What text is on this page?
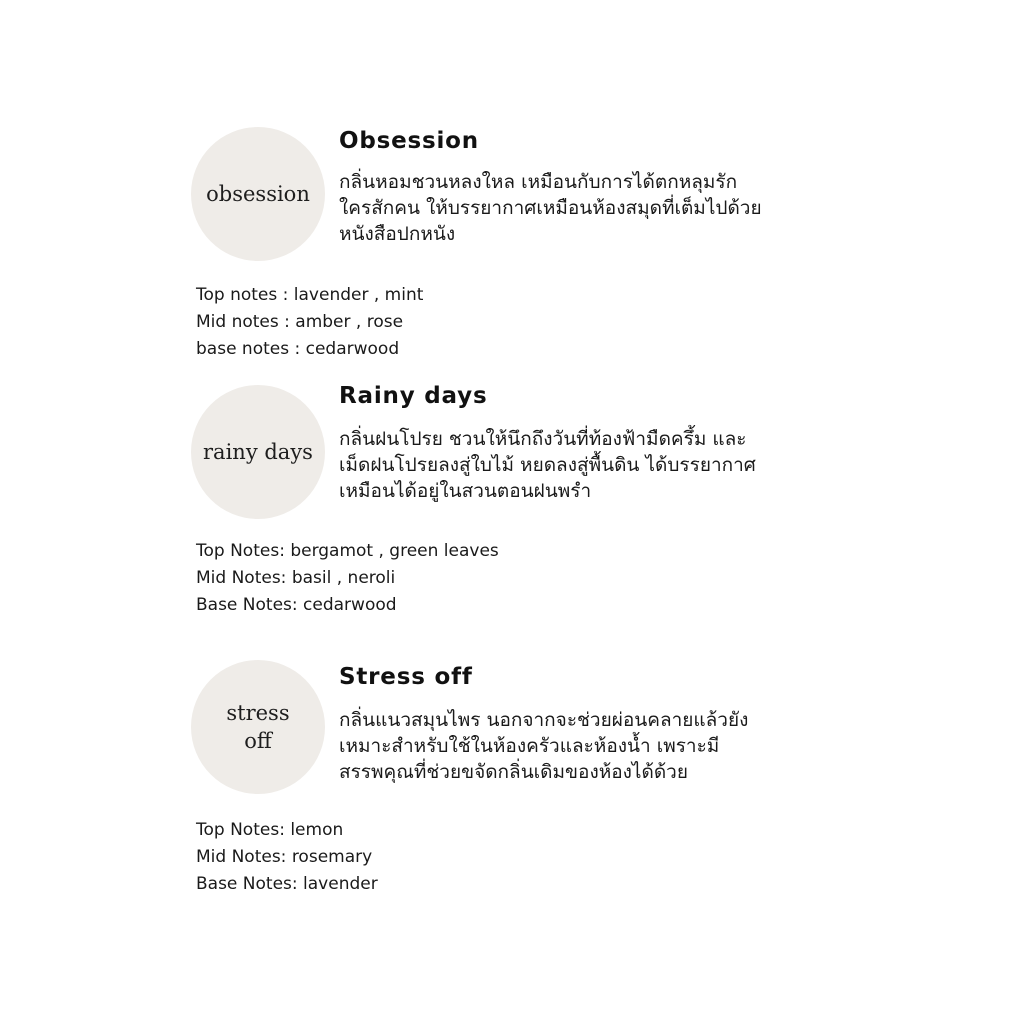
obsession
Obsession
กลิ่นหอมชวนหลงใหล เหมือนกับการได้ตกหลุมรัก
ใครสักคน ให้บรรยากาศเหมือนห้องสมุดที่เต็มไปด้วย
หนังสือปกหนัง
Top notes : lavender , mint
Mid notes : amber , rose
base notes : cedarwood
rainy days
Rainy days
กลิ่นฝนโปรย ชวนให้นึกถึงวันที่ท้องฟ้ามืดครึ้ม และ
เม็ดฝนโปรยลงสู่ใบไม้ หยดลงสู่พื้นดิน ได้บรรยากาศ
เหมือนได้อยู่ในสวนตอนฝนพรำ
Top Notes: bergamot , green leaves
Mid Notes: basil , neroli
Base Notes: cedarwood
stress
off
Stress off
กลิ่นแนวสมุนไพร นอกจากจะช่วยผ่อนคลายแล้วยัง
เหมาะสำหรับใช้ในห้องครัวและห้องน้ำ เพราะมี
สรรพคุณที่ช่วยขจัดกลิ่นเดิมของห้องได้ด้วย
Top Notes: lemon
Mid Notes: rosemary
Base Notes: lavender
